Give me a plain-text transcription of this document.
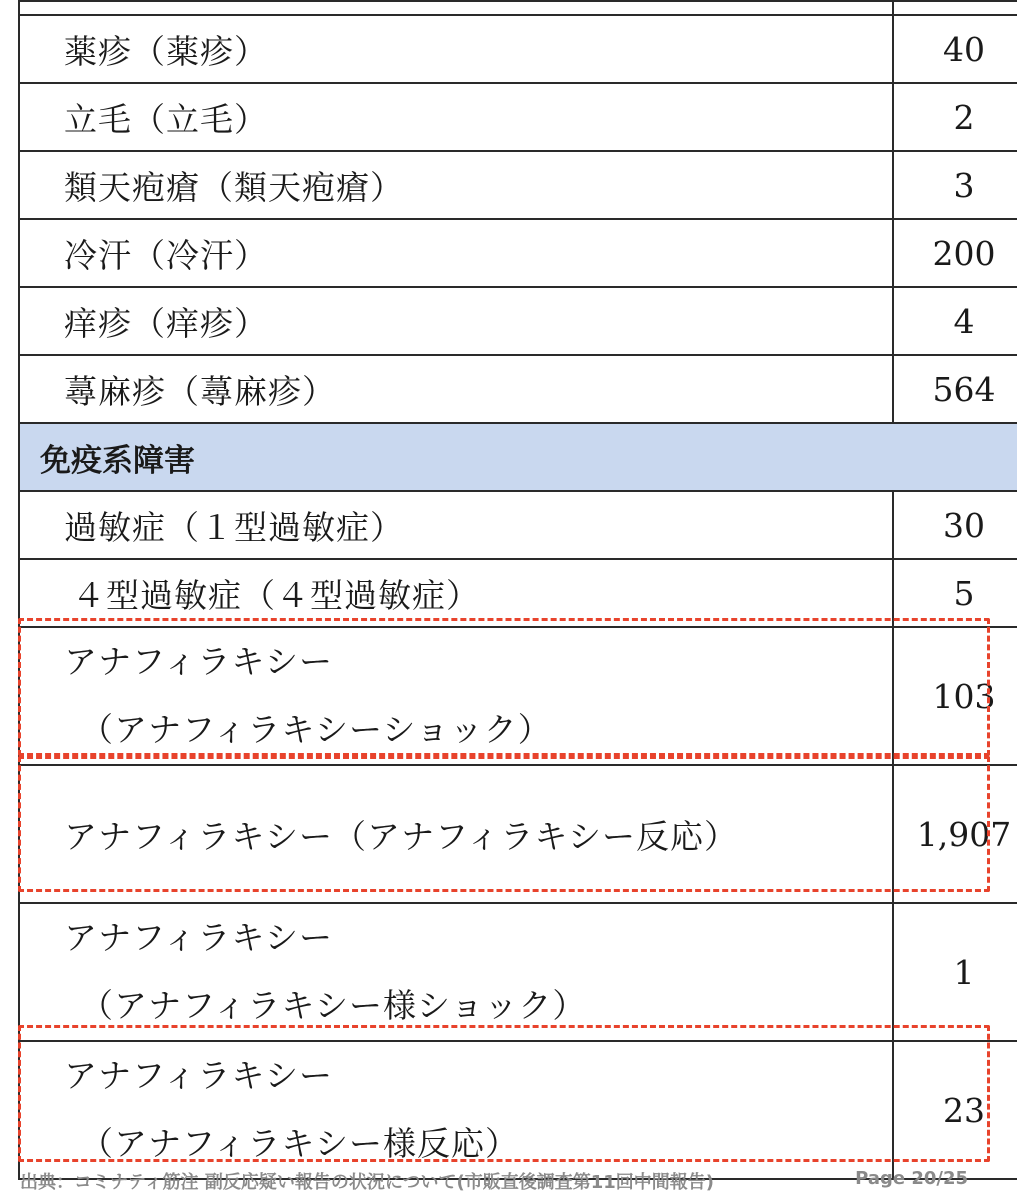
薬疹（薬疹）	40
立毛（立毛）	2
類天疱瘡（類天疱瘡）	3
冷汗（冷汗）	200
痒疹（痒疹）	4
蕁麻疹（蕁麻疹）	564
免疫系障害	
過敏症（１型過敏症）	30
４型過敏症（４型過敏症）	5

アナフィラキシー
（アナフィラキシーショック）	103
アナフィラキシー（アナフィラキシー反応）	1,907

アナフィラキシー
（アナフィラキシー様ショック）	1

アナフィラキシー
（アナフィラキシー様反応）	23
出典：コミナティ筋注 副反応疑い報告の状況について(市販直後調査第11回中間報告)	Page 20/25
